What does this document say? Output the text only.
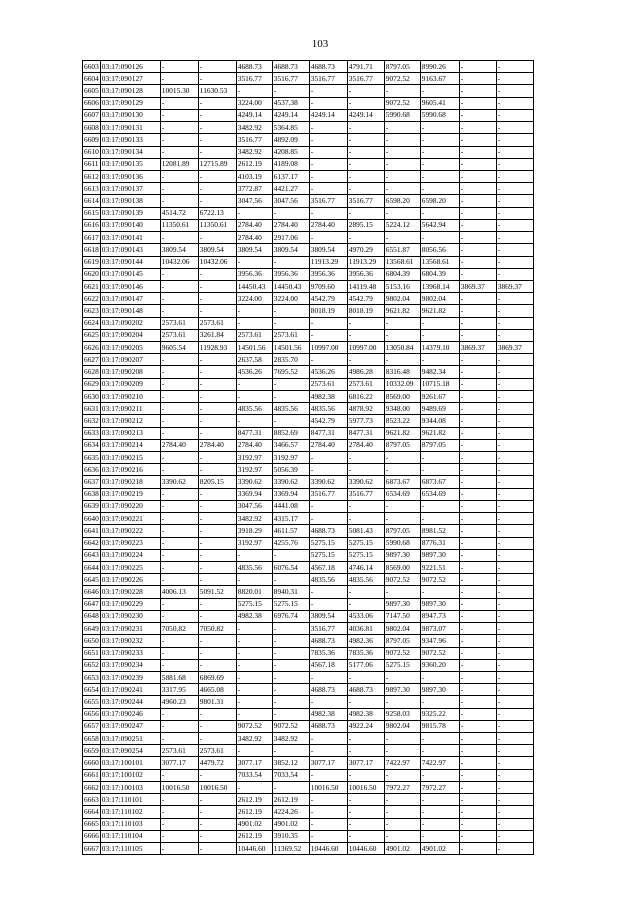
103
6603	03:17:090126	-	-	4688.73	4688.73	4688.73	4791.71	8797.05	8990.26	-	-
6604	03:17:090127	-	-	3516.77	3516.77	3516.77	3516.77	9072.52	9163.67	-	-
6605	03:17:090128	10015.30	11630.53	-	-	-	-	-	-	-	-
6606	03:17:090129	-	-	3224.00	4537.38	-	-	9072.52	9605.41	-	-
6607	03:17:090130	-	-	4249.14	4249.14	4249.14	4249.14	5990.68	5990.68	-	-
6608	03:17:090131	-	-	3482.92	5364.85	-	-	-	-	-	-
6609	03:17:090133	-	-	3516.77	4892.09	-	-	-	-	-	-
6610	03:17:090134	-	-	3482.92	4208.85	-	-	-	-	-	-
6611	03:17:090135	12081.89	12715.89	2612.19	4189.08	-	-	-	-	-	-
6612	03:17:090136	-	-	4103.19	6137.17	-	-	-	-	-	-
6613	03:17:090137	-	-	3772.87	4421.27	-	-	-	-	-	-
6614	03:17:090138	-	-	3047.56	3047.56	3516.77	3516.77	6598.20	6598.20	-	-
6615	03:17:090139	4514.72	6722.13	-	-	-	-	-	-	-	-
6616	03:17:090140	11350.61	11350.61	2784.40	2784.40	2784.40	2895.15	5224.12	5642.94	-	-
6617	03:17:090141	-	-	2784.40	2917.06	-	-	-	-	-	-
6618	03:17:090143	3809.54	3809.54	3809.54	3809.54	3809.54	4970.29	6551.87	8056.56	-	-
6619	03:17:090144	10432.06	10432.06	-	-	11913.29	11913.29	13568.61	13568.61	-	-
6620	03:17:090145	-	-	3956.36	3956.36	3956.36	3956.36	6804.39	6804.39	-	-
6621	03:17:090146	-	-	14450.43	14450.43	9709.60	14119.48	5153.16	13968.14	3869.37	3869.37
6622	03:17:090147	-	-	3224.00	3224.00	4542.79	4542.79	9802.04	9802.04	-	-
6623	03:17:090148	-	-	-	-	8018.19	8018.19	9621.82	9621.82	-	-
6624	03:17:090202	2573.61	2573.61	-	-	-	-	-	-	-	-
6625	03:17:090204	2573.61	3261.84	2573.61	2573.61	-	-	-	-	-	-
6626	03:17:090205	9605.54	11928.93	14501.56	14501.56	10997.00	10997.00	13050.84	14379.10	3869.37	3869.37
6627	03:17:090207	-	-	2637.58	2835.70	-	-	-	-	-	-
6628	03:17:090208	-	-	4536.26	7695.52	4536.26	4986.28	8316.48	9482.34	-	-
6629	03:17:090209	-	-	-	-	2573.61	2573.61	10332.09	10715.18	-	-
6630	03:17:090210	-	-	-	-	4982.38	6816.22	8569.00	9261.67	-	-
6631	03:17:090211	-	-	4835.56	4835.56	4835.56	4878.92	9348.00	9489.69	-	-
6632	03:17:090212	-	-	-	-	4542.79	5977.73	8523.22	9344.08	-	-
6633	03:17:090213	-	-	8477.31	8852.69	8477.31	8477.31	9621.82	9621.82	-	-
6634	03:17:090214	2784.40	2784.40	2784.40	3466.57	2784.40	2784.40	8797.05	8797.05	-	-
6635	03:17:090215	-	-	3192.97	3192.97	-	-	-	-	-	-
6636	03:17:090216	-	-	3192.97	5056.39	-	-	-	-	-	-
6637	03:17:090218	3390.62	8205.15	3390.62	3390.62	3390.62	3390.62	6873.67	6873.67	-	-
6638	03:17:090219	-	-	3369.94	3369.94	3516.77	3516.77	6534.69	6534.69	-	-
6639	03:17:090220	-	-	3047.56	4441.08	-	-	-	-	-	-
6640	03:17:090221	-	-	3482.92	4315.17	-	-	-	-	-	-
6641	03:17:090222	-	-	3918.29	4611.57	4688.73	5081.43	8797.05	8981.52	-	-
6642	03:17:090223	-	-	3192.97	4255.76	5275.15	5275.15	5990.68	8776.31	-	-
6643	03:17:090224	-	-	-	-	5275.15	5275.15	9897.30	9897.30	-	-
6644	03:17:090225	-	-	4835.56	6076.54	4567.18	4746.14	8569.00	9221.51	-	-
6645	03:17:090226	-	-	-	-	4835.56	4835.56	9072.52	9072.52	-	-
6646	03:17:090228	4006.13	5091.52	8820.01	8940.31	-	-	-	-	-	-
6647	03:17:090229	-	-	5275.15	5275.15	-	-	9897.30	9897.30	-	-
6648	03:17:090230	-	-	4982.38	6976.74	3809.54	4533.06	7147.50	8947.73	-	-
6649	03:17:090231	7050.82	7050.82	-	-	3516.77	4036.81	9802.04	9873.07	-	-
6650	03:17:090232	-	-	-	-	4688.73	4982.36	8797.05	9347.96	-	-
6651	03:17:090233	-	-	-	-	7835.36	7835.36	9072.52	9072.52	-	-
6652	03:17:090234	-	-	-	-	4567.18	5177.06	5275.15	9360.20	-	-
6653	03:17:090239	5881.68	6869.69	-	-	-	-	-	-	-	-
6654	03:17:090241	3317.95	4665.08	-	-	4688.73	4688.73	9897.30	9897.30	-	-
6655	03:17:090244	4960.23	9801.31	-	-	-	-	-	-	-	-
6656	03:17:090246	-	-	-	-	4982.38	4982.38	9258.03	9325.22	-	-
6657	03:17:090247	-	-	9072.52	9072.52	4688.73	4922.24	9802.04	9815.78	-	-
6658	03:17:090251	-	-	3482.92	3482.92	-	-	-	-	-	-
6659	03:17:090254	2573.61	2573.61	-	-	-	-	-	-	-	-
6660	03:17:100101	3077.17	4479.72	3077.17	3852.12	3077.17	3077.17	7422.97	7422.97	-	-
6661	03:17:100102	-	-	7033.54	7033.54	-	-	-	-	-	-
6662	03:17:100103	10016.50	10016.50	-	-	10016.50	10016.50	7972.27	7972.27	-	-
6663	03:17:110101	-	-	2612.19	2612.19	-	-	-	-	-	-
6664	03:17:110102	-	-	2612.19	4224.26	-	-	-	-	-	-
6665	03:17:110103	-	-	4901.02	4901.02	-	-	-	-	-	-
6666	03:17:110104	-	-	2612.19	3910.35	-	-	-	-	-	-
6667	03:17:110105	-	-	10446.60	11369.52	10446.60	10446.60	4901.02	4901.02	-	-
